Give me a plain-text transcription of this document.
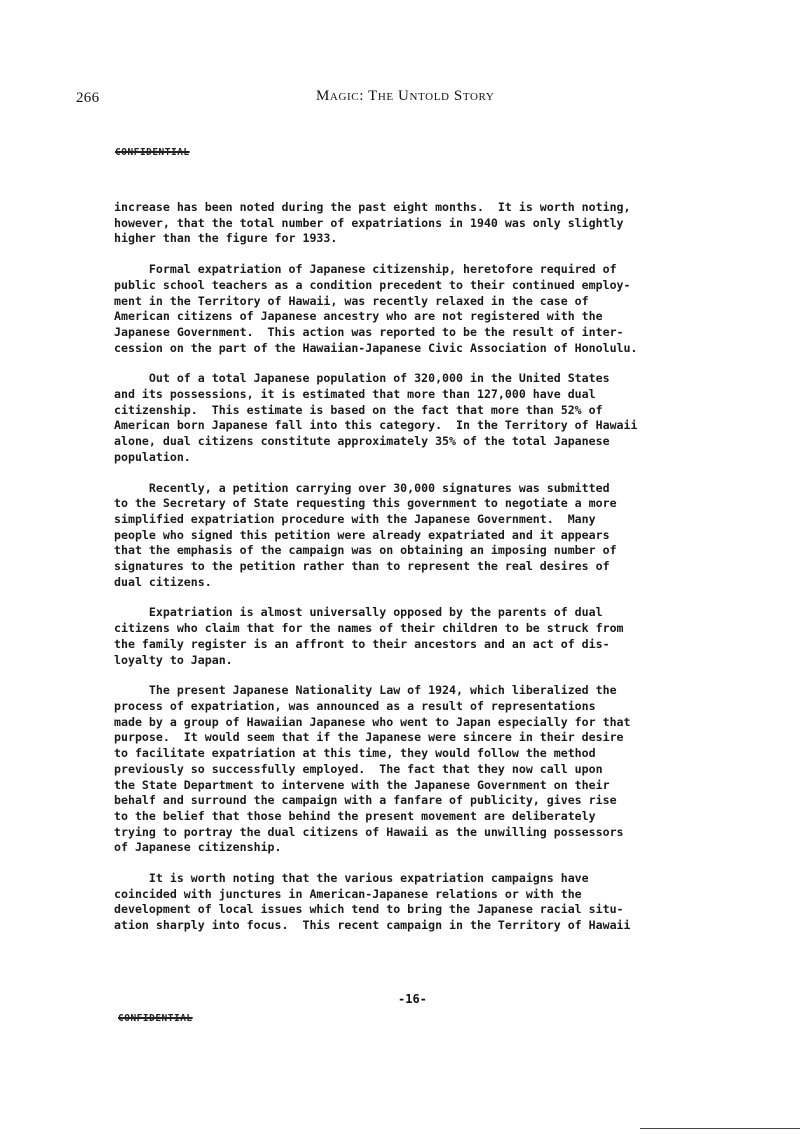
266	Magic: The Untold Story
CONFIDENTIAL

increase has been noted during the past eight months.  It is worth noting,
however, that the total number of expatriations in 1940 was only slightly
higher than the figure for 1933.

Formal expatriation of Japanese citizenship, heretofore required of
public school teachers as a condition precedent to their continued employ-
ment in the Territory of Hawaii, was recently relaxed in the case of
American citizens of Japanese ancestry who are not registered with the
Japanese Government.  This action was reported to be the result of inter-
cession on the part of the Hawaiian-Japanese Civic Association of Honolulu.

Out of a total Japanese population of 320,000 in the United States
and its possessions, it is estimated that more than 127,000 have dual
citizenship.  This estimate is based on the fact that more than 52% of
American born Japanese fall into this category.  In the Territory of Hawaii
alone, dual citizens constitute approximately 35% of the total Japanese
population.

Recently, a petition carrying over 30,000 signatures was submitted
to the Secretary of State requesting this government to negotiate a more
simplified expatriation procedure with the Japanese Government.  Many
people who signed this petition were already expatriated and it appears
that the emphasis of the campaign was on obtaining an imposing number of
signatures to the petition rather than to represent the real desires of
dual citizens.

Expatriation is almost universally opposed by the parents of dual
citizens who claim that for the names of their children to be struck from
the family register is an affront to their ancestors and an act of dis-
loyalty to Japan.

The present Japanese Nationality Law of 1924, which liberalized the
process of expatriation, was announced as a result of representations
made by a group of Hawaiian Japanese who went to Japan especially for that
purpose.  It would seem that if the Japanese were sincere in their desire
to facilitate expatriation at this time, they would follow the method
previously so successfully employed.  The fact that they now call upon
the State Department to intervene with the Japanese Government on their
behalf and surround the campaign with a fanfare of publicity, gives rise
to the belief that those behind the present movement are deliberately
trying to portray the dual citizens of Hawaii as the unwilling possessors
of Japanese citizenship.

It is worth noting that the various expatriation campaigns have
coincided with junctures in American-Japanese relations or with the
development of local issues which tend to bring the Japanese racial situ-
ation sharply into focus.  This recent campaign in the Territory of Hawaii

-16-
CONFIDENTIAL
